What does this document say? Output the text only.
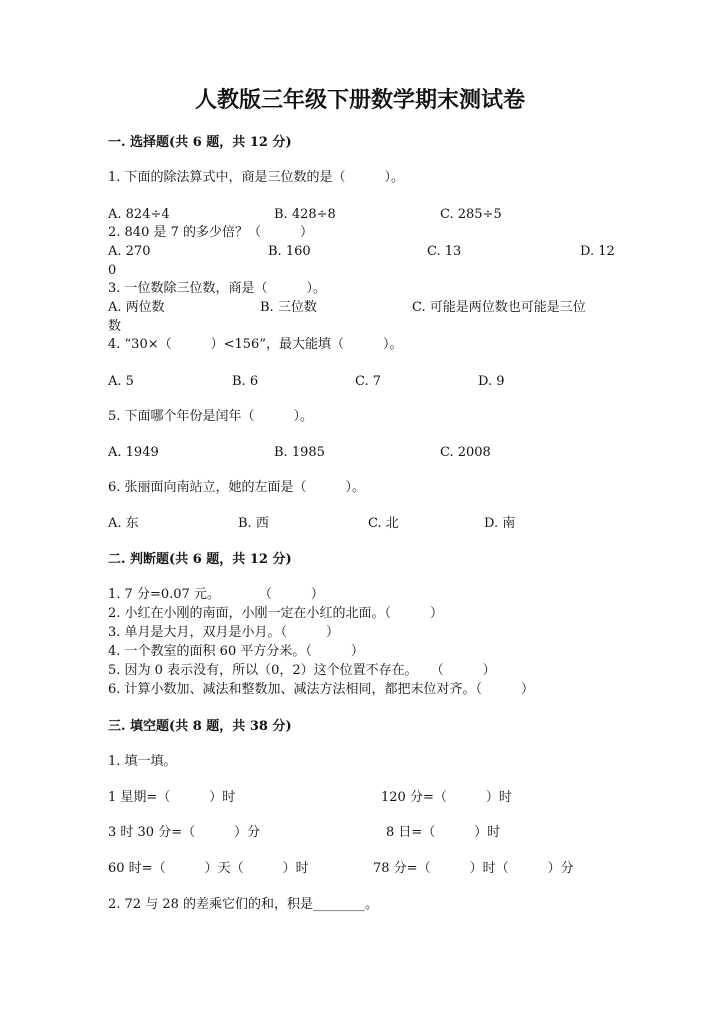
人教版三年级下册数学期末测试卷
一. 选择题(共 6 题，共 12 分)
1. 下面的除法算式中，商是三位数的是（　　　）。
A. 824÷4	B. 428÷8	C. 285÷5
2. 840 是 7 的多少倍？（　　　）
A. 270	B. 160	C. 13	D. 12
0
3. 一位数除三位数，商是（　　　）。
A. 两位数	B. 三位数	C. 可能是两位数也可能是三位
数
4. “30×（　　　）<156”，最大能填（　　　）。
A. 5	B. 6	C. 7	D. 9
5. 下面哪个年份是闰年（　　　）。
A. 1949	B. 1985	C. 2008
6. 张丽面向南站立，她的左面是（　　　）。
A. 东	B. 西	C. 北	D. 南
二. 判断题(共 6 题，共 12 分)
1. 7 分=0.07 元。　　　　（　　　）
2. 小红在小刚的南面，小刚一定在小红的北面。（　　　）
3. 单月是大月，双月是小月。（　　　）
4. 一个教室的面积 60 平方分米。（　　　）
5. 因为 0 表示没有，所以（0，2）这个位置不存在。　　（　　　）
6. 计算小数加、减法和整数加、减法方法相同，都把末位对齐。（　　　）
三. 填空题(共 8 题，共 38 分)
1. 填一填。
1 星期=（　　　）时	120 分=（　　　）时
3 时 30 分=（　　　）分	8 日=（　　　）时
60 时=（　　　）天（　　　）时	78 分=（　　　）时（　　　）分
2. 72 与 28 的差乘它们的和，积是________。
